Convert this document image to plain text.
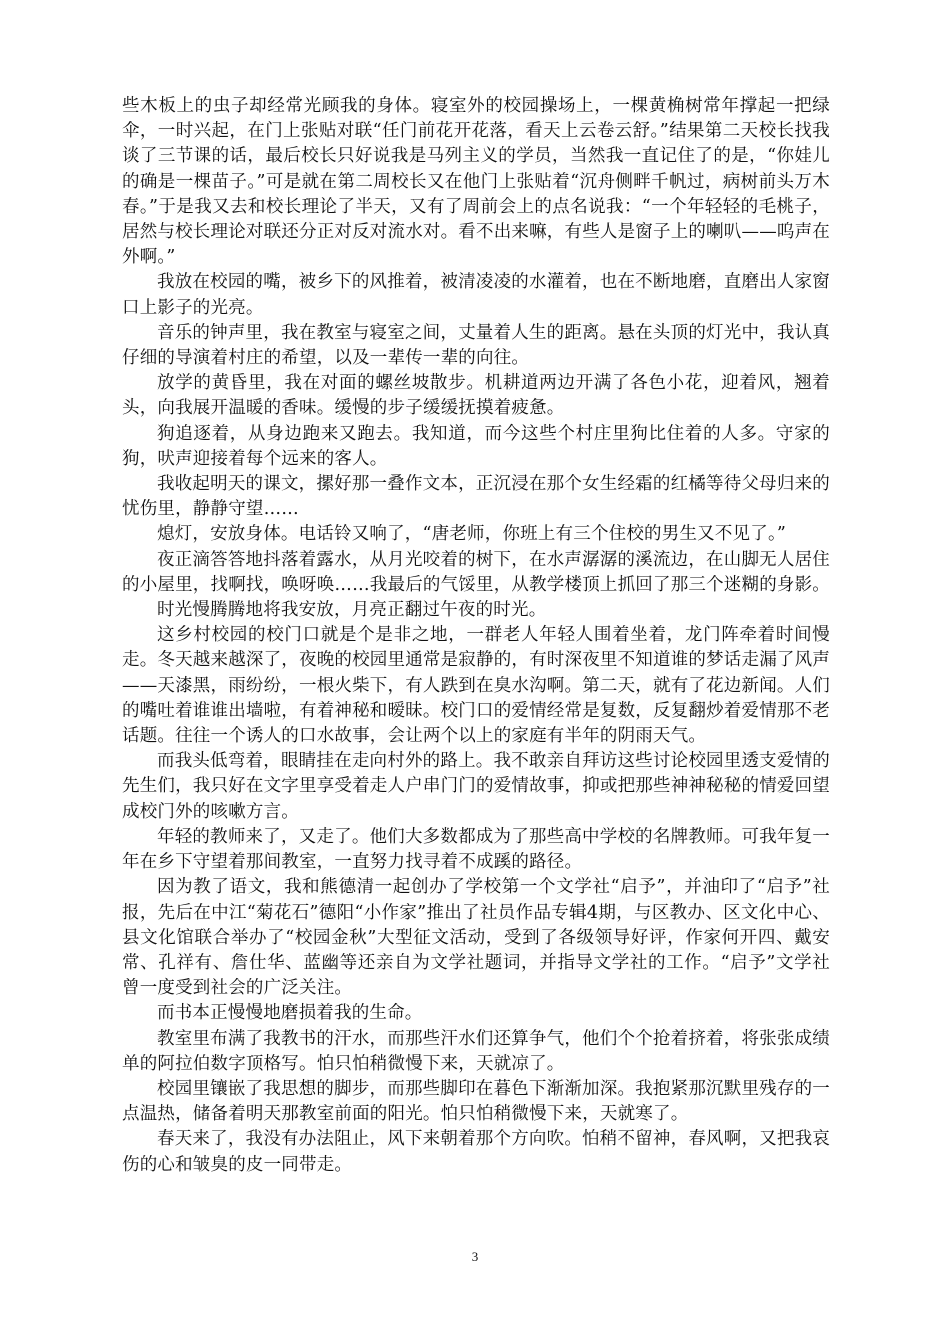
些木板上的虫子却经常光顾我的身体。寝室外的校园操场上，一棵黄桷树常年撑起一把绿伞，一时兴起，在门上张贴对联“任门前花开花落，看天上云卷云舒。”结果第二天校长找我谈了三节课的话，最后校长只好说我是马列主义的学员，当然我一直记住了的是，“你娃儿的确是一棵苗子。”可是就在第二周校长又在他门上张贴着“沉舟侧畔千帆过，病树前头万木春。”于是我又去和校长理论了半天，又有了周前会上的点名说我：“一个年轻轻的毛桃子，居然与校长理论对联还分正对反对流水对。看不出来嘛，有些人是窗子上的喇叭——呜声在外啊。”

我放在校园的嘴，被乡下的风推着，被清凌凌的水灌着，也在不断地磨，直磨出人家窗口上影子的光亮。

音乐的钟声里，我在教室与寝室之间，丈量着人生的距离。悬在头顶的灯光中，我认真仔细的导演着村庄的希望，以及一辈传一辈的向往。

放学的黄昏里，我在对面的螺丝坡散步。机耕道两边开满了各色小花，迎着风，翘着头，向我展开温暖的香味。缓慢的步子缓缓抚摸着疲惫。

狗追逐着，从身边跑来又跑去。我知道，而今这些个村庄里狗比住着的人多。守家的狗，吠声迎接着每个远来的客人。

我收起明天的课文，摞好那一叠作文本，正沉浸在那个女生经霜的红橘等待父母归来的忧伤里，静静守望……

熄灯，安放身体。电话铃又响了，“唐老师，你班上有三个住校的男生又不见了。”

夜正滴答答地抖落着露水，从月光咬着的树下，在水声潺潺的溪流边，在山脚无人居住的小屋里，找啊找，唤呀唤……我最后的气馁里，从教学楼顶上抓回了那三个迷糊的身影。

时光慢腾腾地将我安放，月亮正翻过午夜的时光。

这乡村校园的校门口就是个是非之地，一群老人年轻人围着坐着，龙门阵牵着时间慢走。冬天越来越深了，夜晚的校园里通常是寂静的，有时深夜里不知道谁的梦话走漏了风声——天漆黑，雨纷纷，一根火柴下，有人跌到在臭水沟啊。第二天，就有了花边新闻。人们的嘴吐着谁谁出墙啦，有着神秘和暧昧。校门口的爱情经常是复数，反复翻炒着爱情那不老话题。往往一个诱人的口水故事，会让两个以上的家庭有半年的阴雨天气。

而我头低弯着，眼睛挂在走向村外的路上。我不敢亲自拜访这些讨论校园里透支爱情的先生们，我只好在文字里享受着走人户串门门的爱情故事，抑或把那些神神秘秘的情爱回望成校门外的咳嗽方言。

年轻的教师来了，又走了。他们大多数都成为了那些高中学校的名牌教师。可我年复一年在乡下守望着那间教室，一直努力找寻着不成蹊的路径。

因为教了语文，我和熊德清一起创办了学校第一个文学社“启予”，并油印了“启予”社报，先后在中江“菊花石”德阳“小作家”推出了社员作品专辑4期，与区教办、区文化中心、县文化馆联合举办了“校园金秋”大型征文活动，受到了各级领导好评，作家何开四、戴安常、孔祥有、詹仕华、蓝幽等还亲自为文学社题词，并指导文学社的工作。“启予”文学社曾一度受到社会的广泛关注。

而书本正慢慢地磨损着我的生命。

教室里布满了我教书的汗水，而那些汗水们还算争气，他们个个抢着挤着，将张张成绩单的阿拉伯数字顶格写。怕只怕稍微慢下来，天就凉了。

校园里镶嵌了我思想的脚步，而那些脚印在暮色下渐渐加深。我抱紧那沉默里残存的一点温热，储备着明天那教室前面的阳光。怕只怕稍微慢下来，天就寒了。

春天来了，我没有办法阻止，风下来朝着那个方向吹。怕稍不留神，春风啊，又把我哀伤的心和皱臭的皮一同带走。

3
